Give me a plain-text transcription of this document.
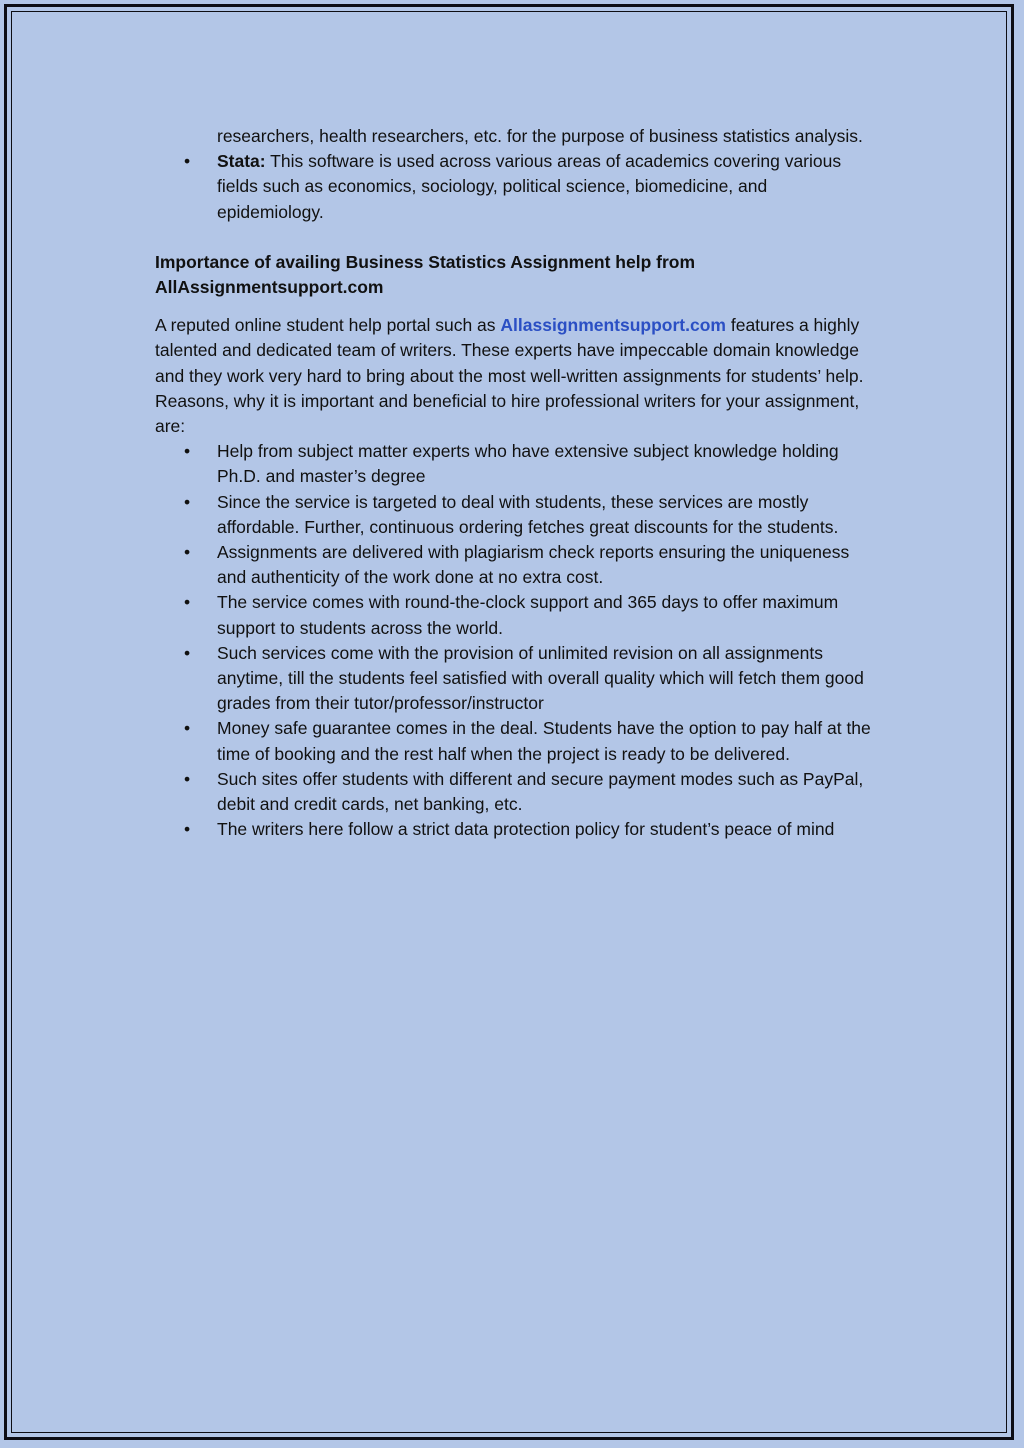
researchers, health researchers, etc. for the purpose of business statistics analysis.
• Stata: This software is used across various areas of academics covering various fields such as economics, sociology, political science, biomedicine, and epidemiology.
Importance of availing Business Statistics Assignment help from AllAssignmentsupport.com

A reputed online student help portal such as Allassignmentsupport.com features a highly talented and dedicated team of writers. These experts have impeccable domain knowledge and they work very hard to bring about the most well-written assignments for students’ help. Reasons, why it is important and beneficial to hire professional writers for your assignment, are:

• Help from subject matter experts who have extensive subject knowledge holding Ph.D. and master’s degree
• Since the service is targeted to deal with students, these services are mostly affordable. Further, continuous ordering fetches great discounts for the students.
• Assignments are delivered with plagiarism check reports ensuring the uniqueness and authenticity of the work done at no extra cost.
• The service comes with round-the-clock support and 365 days to offer maximum support to students across the world.
• Such services come with the provision of unlimited revision on all assignments anytime, till the students feel satisfied with overall quality which will fetch them good grades from their tutor/professor/instructor
• Money safe guarantee comes in the deal. Students have the option to pay half at the time of booking and the rest half when the project is ready to be delivered.
• Such sites offer students with different and secure payment modes such as PayPal, debit and credit cards, net banking, etc.
• The writers here follow a strict data protection policy for student’s peace of mind
